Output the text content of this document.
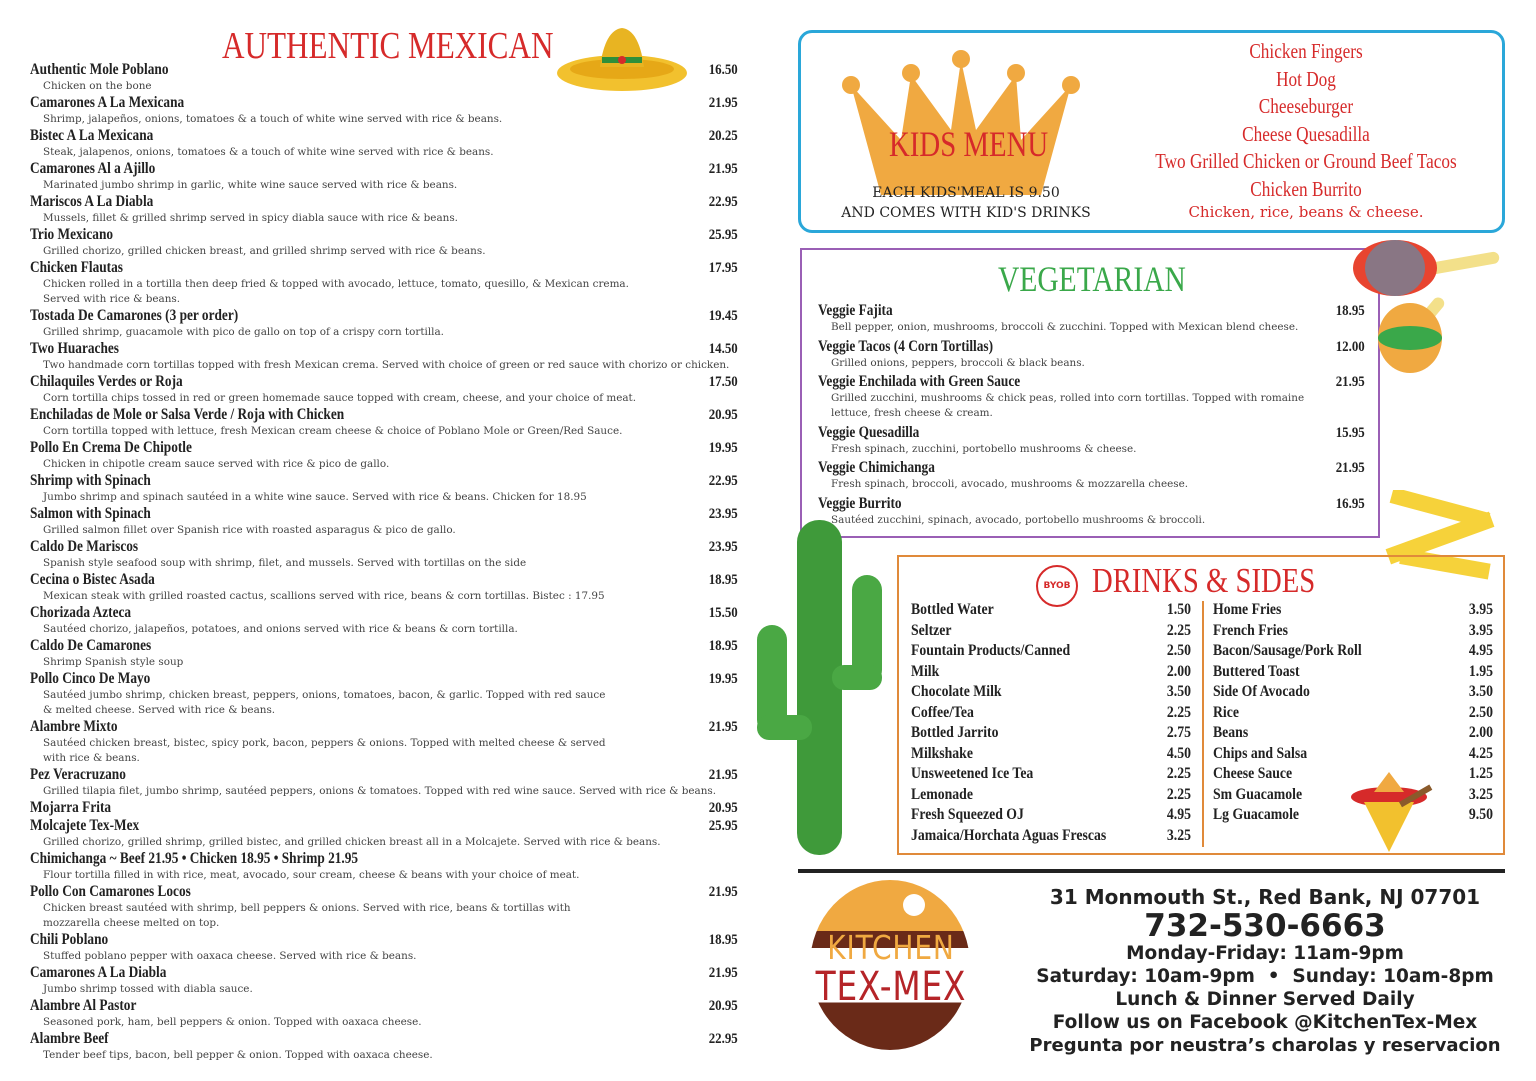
AUTHENTIC MEXICAN
Authentic Mole Poblano	16.50
Chicken on the bone
Camarones A La Mexicana	21.95
Shrimp, jalapeños, onions, tomatoes & a touch of white wine served with rice & beans.
Bistec A La Mexicana	20.25
Steak, jalapenos, onions, tomatoes & a touch of white wine served with rice & beans.
Camarones Al a Ajillo	21.95
Marinated jumbo shrimp in garlic, white wine sauce served with rice & beans.
Mariscos A La Diabla	22.95
Mussels, fillet & grilled shrimp served in spicy diabla sauce with rice & beans.
Trio Mexicano	25.95
Grilled chorizo, grilled chicken breast, and grilled shrimp served with rice & beans.
Chicken Flautas	17.95
Chicken rolled in a tortilla then deep fried & topped with avocado, lettuce, tomato, quesillo, & Mexican crema.
Served with rice & beans.
Tostada De Camarones (3 per order)	19.45
Grilled shrimp, guacamole with pico de gallo on top of a crispy corn tortilla.
Two Huaraches	14.50
Two handmade corn tortillas topped with fresh Mexican crema. Served with choice of green or red sauce with chorizo or chicken.
Chilaquiles Verdes or Roja	17.50
Corn tortilla chips tossed in red or green homemade sauce topped with cream, cheese, and your choice of meat.
Enchiladas de Mole or Salsa Verde / Roja with Chicken	20.95
Corn tortilla topped with lettuce, fresh Mexican cream cheese & choice of Poblano Mole or Green/Red Sauce.
Pollo En Crema De Chipotle	19.95
Chicken in chipotle cream sauce served with rice & pico de gallo.
Shrimp with Spinach	22.95
Jumbo shrimp and spinach sautéed in a white wine sauce. Served with rice & beans. Chicken for 18.95
Salmon with Spinach	23.95
Grilled salmon fillet over Spanish rice with roasted asparagus & pico de gallo.
Caldo De Mariscos	23.95
Spanish style seafood soup with shrimp, filet, and mussels. Served with tortillas on the side
Cecina o Bistec Asada	18.95
Mexican steak with grilled roasted cactus, scallions served with rice, beans & corn tortillas. Bistec : 17.95
Chorizada Azteca	15.50
Sautéed chorizo, jalapeños, potatoes, and onions served with rice & beans & corn tortilla.
Caldo De Camarones	18.95
Shrimp Spanish style soup
Pollo Cinco De Mayo	19.95
Sautéed jumbo shrimp, chicken breast, peppers, onions, tomatoes, bacon, & garlic. Topped with red sauce
& melted cheese. Served with rice & beans.
Alambre Mixto	21.95
Sautéed chicken breast, bistec, spicy pork, bacon, peppers & onions. Topped with melted cheese & served
with rice & beans.
Pez Veracruzano	21.95
Grilled tilapia filet, jumbo shrimp, sautéed peppers, onions & tomatoes. Topped with red wine sauce. Served with rice & beans.
Mojarra Frita	20.95
Molcajete Tex-Mex	25.95
Grilled chorizo, grilled shrimp, grilled bistec, and grilled chicken breast all in a Molcajete. Served with rice & beans.
Chimichanga ~ Beef 21.95 • Chicken 18.95 • Shrimp 21.95
Flour tortilla filled in with rice, meat, avocado, sour cream, cheese & beans with your choice of meat.
Pollo Con Camarones Locos	21.95
Chicken breast sautéed with shrimp, bell peppers & onions. Served with rice, beans & tortillas with
mozzarella cheese melted on top.
Chili Poblano	18.95
Stuffed poblano pepper with oaxaca cheese. Served with rice & beans.
Camarones A La Diabla	21.95
Jumbo shrimp tossed with diabla sauce.
Alambre Al Pastor	20.95
Seasoned pork, ham, bell peppers & onion. Topped with oaxaca cheese.
Alambre Beef	22.95
Tender beef tips, bacon, bell pepper & onion. Topped with oaxaca cheese.
KIDS MENU
EACH KIDS'MEAL IS 9.50
AND COMES WITH KID'S DRINKS
Chicken Fingers
Hot Dog
Cheeseburger
Cheese Quesadilla
Two Grilled Chicken or Ground Beef Tacos
Chicken Burrito
Chicken, rice, beans & cheese.
VEGETARIAN
Veggie Fajita	18.95
Bell pepper, onion, mushrooms, broccoli & zucchini. Topped with Mexican blend cheese.
Veggie Tacos (4 Corn Tortillas)	12.00
Grilled onions, peppers, broccoli & black beans.
Veggie Enchilada with Green Sauce	21.95
Grilled zucchini, mushrooms & chick peas, rolled into corn tortillas. Topped with romaine
lettuce, fresh cheese & cream.
Veggie Quesadilla	15.95
Fresh spinach, zucchini, portobello mushrooms & cheese.
Veggie Chimichanga	21.95
Fresh spinach, broccoli, avocado, mushrooms & mozzarella cheese.
Veggie Burrito	16.95
Sautéed zucchini, spinach, avocado, portobello mushrooms & broccoli.
BYOB DRINKS & SIDES
Bottled Water	1.50
Seltzer	2.25
Fountain Products/Canned	2.50
Milk	2.00
Chocolate Milk	3.50
Coffee/Tea	2.25
Bottled Jarrito	2.75
Milkshake	4.50
Unsweetened Ice Tea	2.25
Lemonade	2.25
Fresh Squeezed OJ	4.95
Jamaica/Horchata Aguas Frescas	3.25
Home Fries	3.95
French Fries	3.95
Bacon/Sausage/Pork Roll	4.95
Buttered Toast	1.95
Side Of Avocado	3.50
Rice	2.50
Beans	2.00
Chips and Salsa	4.25
Cheese Sauce	1.25
Sm Guacamole	3.25
Lg Guacamole	9.50
KITCHEN
TEX-MEX
31 Monmouth St., Red Bank, NJ 07701
732-530-6663
Monday-Friday: 11am-9pm
Saturday: 10am-9pm  •  Sunday: 10am-8pm
Lunch & Dinner Served Daily
Follow us on Facebook @KitchenTex-Mex
Pregunta por neustra’s charolas y reservacion
